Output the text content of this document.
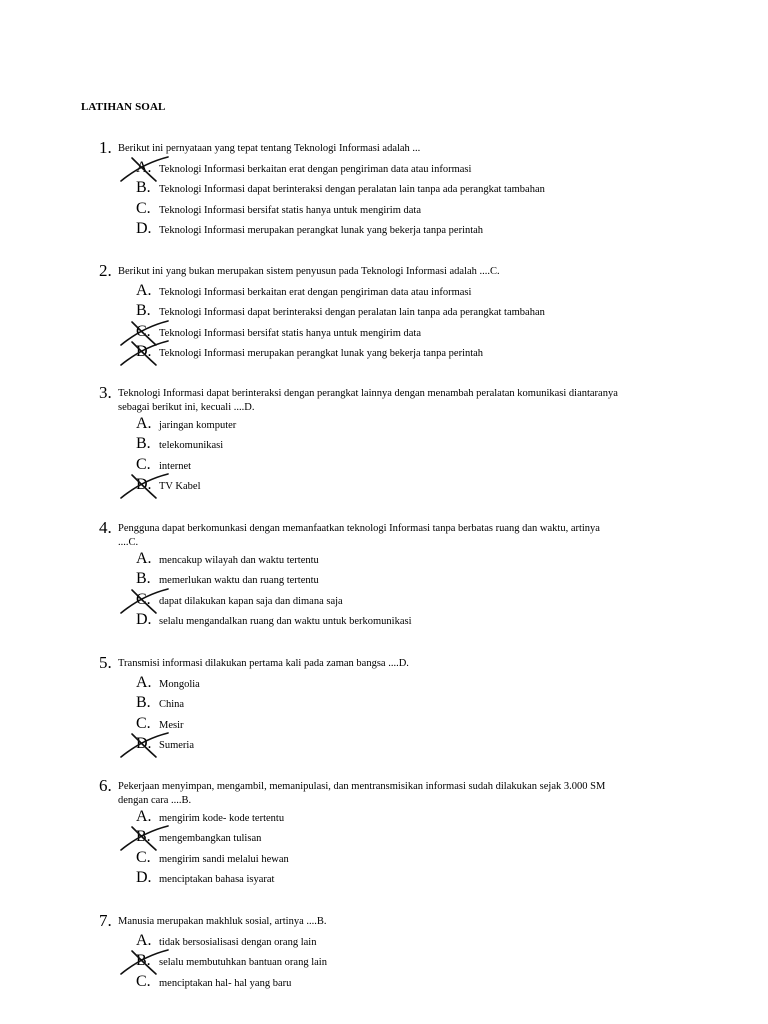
LATIHAN SOAL
1. Berikut ini pernyataan yang tepat tentang Teknologi Informasi adalah ...
A. Teknologi Informasi berkaitan erat dengan pengiriman data atau informasi
B. Teknologi Informasi dapat berinteraksi dengan peralatan lain tanpa ada perangkat tambahan
C. Teknologi Informasi bersifat statis hanya untuk mengirim data
D. Teknologi Informasi merupakan perangkat lunak yang bekerja tanpa perintah
2. Berikut ini yang bukan merupakan sistem penyusun pada Teknologi Informasi adalah ....C.
A. Teknologi Informasi berkaitan erat dengan pengiriman data atau informasi
B. Teknologi Informasi dapat berinteraksi dengan peralatan lain tanpa ada perangkat tambahan
C. Teknologi Informasi bersifat statis hanya untuk mengirim data
D. Teknologi Informasi merupakan perangkat lunak yang bekerja tanpa perintah
3. Teknologi Informasi dapat berinteraksi dengan perangkat lainnya dengan menambah peralatan komunikasi diantaranya sebagai berikut ini, kecuali ....D.
A. jaringan komputer
B. telekomunikasi
C. internet
D. TV Kabel
4. Pengguna dapat berkomunkasi dengan memanfaatkan teknologi Informasi tanpa berbatas ruang dan waktu, artinya ....C.
A. mencakup wilayah dan waktu tertentu
B. memerlukan waktu dan ruang tertentu
C. dapat dilakukan kapan saja dan dimana saja
D. selalu mengandalkan ruang dan waktu untuk berkomunikasi
5. Transmisi informasi dilakukan pertama kali pada zaman bangsa ....D.
A. Mongolia
B. China
C. Mesir
D. Sumeria
6. Pekerjaan menyimpan, mengambil, memanipulasi, dan mentransmisikan informasi sudah dilakukan sejak 3.000 SM dengan cara ....B.
A. mengirim kode- kode tertentu
B. mengembangkan tulisan
C. mengirim sandi melalui hewan
D. menciptakan bahasa isyarat
7. Manusia merupakan makhluk sosial, artinya ....B.
A. tidak bersosialisasi dengan orang lain
B. selalu membutuhkan bantuan orang lain
C. menciptakan hal- hal yang baru
